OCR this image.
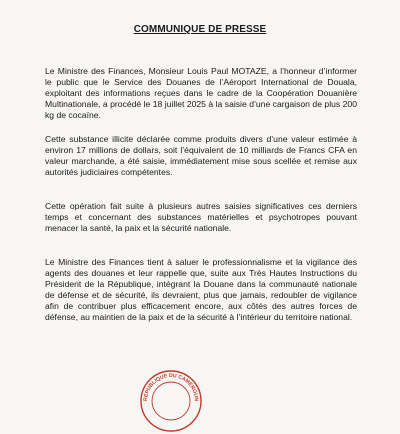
COMMUNIQUE DE PRESSE

Le Ministre des Finances, Monsieur Louis Paul MOTAZE, a l’honneur d’informer le public que le Service des Douanes de l’Aéroport International de Douala, exploitant des informations reçues dans le cadre de la Coopération Douanière Multinationale, a procédé le 18 juillet 2025 à la saisie d’une cargaison de plus 200 kg de cocaïne.

Cette substance illicite déclarée comme produits divers d’une valeur estimée à environ 17 millions de dollars, soit l’équivalent de 10 milliards de Francs CFA en valeur marchande, a été saisie, immédiatement mise sous scellée et remise aux autorités judiciaires compétentes.

Cette opération fait suite à plusieurs autres saisies significatives ces derniers temps et concernant des substances matérielles et psychotropes pouvant menacer la santé, la paix et la sécurité nationale.

Le Ministre des Finances tient à saluer le professionnalisme et la vigilance des agents des douanes et leur rappelle que, suite aux Très Hautes Instructions du Président de la République, intégrant la Douane dans la communauté nationale de défense et de sécurité, ils devraient, plus que jamais, redoubler de vigilance afin de contribuer plus efficacement encore, aux côtés des autres forces de défense, au maintien de la paix et de la sécurité à l’intérieur du territoire national.

REPUBLIQUE DU CAMEROUN
